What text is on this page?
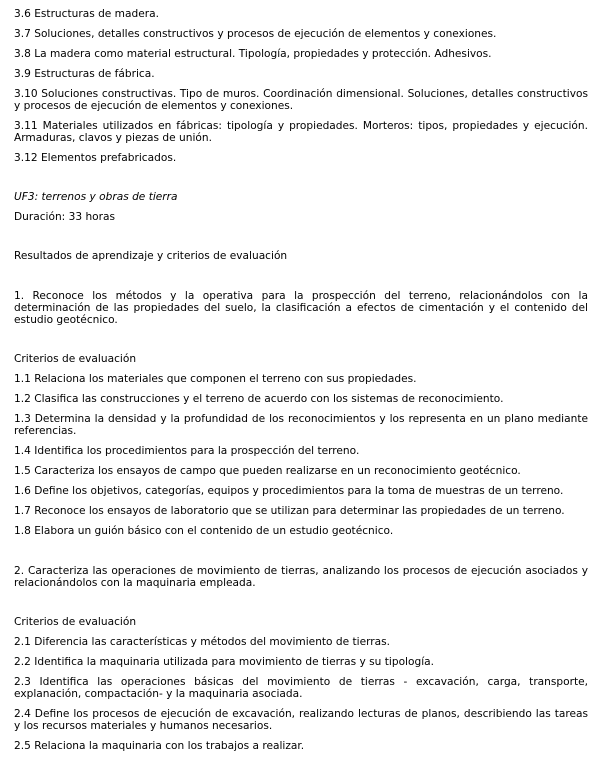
3.6 Estructuras de madera.

3.7 Soluciones, detalles constructivos y procesos de ejecución de elementos y conexiones.

3.8 La madera como material estructural. Tipología, propiedades y protección. Adhesivos.

3.9 Estructuras de fábrica.

3.10 Soluciones constructivas. Tipo de muros. Coordinación dimensional. Soluciones, detalles constructivos y procesos de ejecución de elementos y conexiones.

3.11 Materiales utilizados en fábricas: tipología y propiedades. Morteros: tipos, propiedades y ejecución. Armaduras, clavos y piezas de unión.

3.12 Elementos prefabricados.

UF3: terrenos y obras de tierra

Duración: 33 horas

Resultados de aprendizaje y criterios de evaluación

1. Reconoce los métodos y la operativa para la prospección del terreno, relacionándolos con la determinación de las propiedades del suelo, la clasificación a efectos de cimentación y el contenido del estudio geotécnico.

Criterios de evaluación

1.1 Relaciona los materiales que componen el terreno con sus propiedades.

1.2 Clasifica las construcciones y el terreno de acuerdo con los sistemas de reconocimiento.

1.3 Determina la densidad y la profundidad de los reconocimientos y los representa en un plano mediante referencias.

1.4 Identifica los procedimientos para la prospección del terreno.

1.5 Caracteriza los ensayos de campo que pueden realizarse en un reconocimiento geotécnico.

1.6 Define los objetivos, categorías, equipos y procedimientos para la toma de muestras de un terreno.

1.7 Reconoce los ensayos de laboratorio que se utilizan para determinar las propiedades de un terreno.

1.8 Elabora un guión básico con el contenido de un estudio geotécnico.

2. Caracteriza las operaciones de movimiento de tierras, analizando los procesos de ejecución asociados y relacionándolos con la maquinaria empleada.

Criterios de evaluación

2.1 Diferencia las características y métodos del movimiento de tierras.

2.2 Identifica la maquinaria utilizada para movimiento de tierras y su tipología.

2.3 Identifica las operaciones básicas del movimiento de tierras - excavación, carga, transporte, explanación, compactación- y la maquinaria asociada.

2.4 Define los procesos de ejecución de excavación, realizando lecturas de planos, describiendo las tareas y los recursos materiales y humanos necesarios.

2.5 Relaciona la maquinaria con los trabajos a realizar.
